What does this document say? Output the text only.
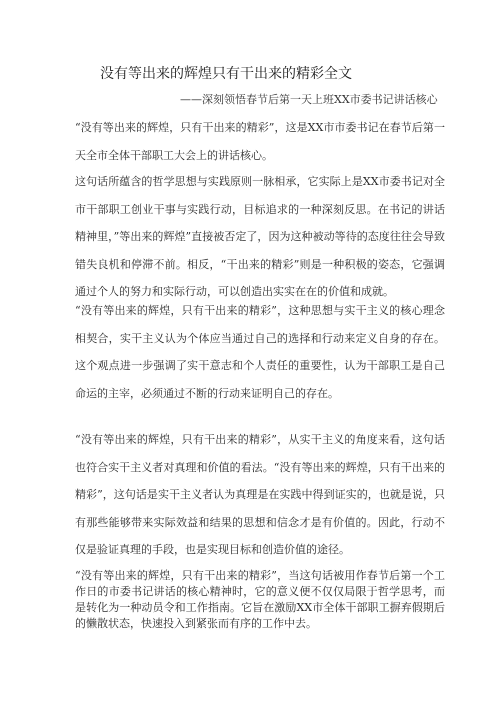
没有等出来的辉煌只有干出来的精彩全文
——深刻领悟春节后第一天上班XX市委书记讲话核心

“没有等出来的辉煌，只有干出来的精彩”，这是XX市市委书记在春节后第一天全市全体干部职工大会上的讲话核心。

这句话所蕴含的哲学思想与实践原则一脉相承，它实际上是XX市委书记对全市干部职工创业干事与实践行动，目标追求的一种深刻反思。在书记的讲话精神里，”等出来的辉煌”直接被否定了，因为这种被动等待的态度往往会导致错失良机和停滞不前。相反，“干出来的精彩”则是一种积极的姿态，它强调通过个人的努力和实际行动，可以创造出实实在在的价值和成就。

“没有等出来的辉煌，只有干出来的精彩”，这种思想与实干主义的核心理念相契合，实干主义认为个体应当通过自己的选择和行动来定义自身的存在。这个观点进一步强调了实干意志和个人责任的重要性，认为干部职工是自己命运的主宰，必须通过不断的行动来证明自己的存在。

“没有等出来的辉煌，只有干出来的精彩”，从实干主义的角度来看，这句话也符合实干主义者对真理和价值的看法。“没有等出来的辉煌，只有干出来的精彩”，这句话是实干主义者认为真理是在实践中得到证实的，也就是说，只有那些能够带来实际效益和结果的思想和信念才是有价值的。因此，行动不仅是验证真理的手段，也是实现目标和创造价值的途径。

“没有等出来的辉煌，只有干出来的精彩”，当这句话被用作春节后第一个工作日的市委书记讲话的核心精神时，它的意义便不仅仅局限于哲学思考，而是转化为一种动员令和工作指南。它旨在激励XX市全体干部职工摒弃假期后的懒散状态，快速投入到紧张而有序的工作中去。
